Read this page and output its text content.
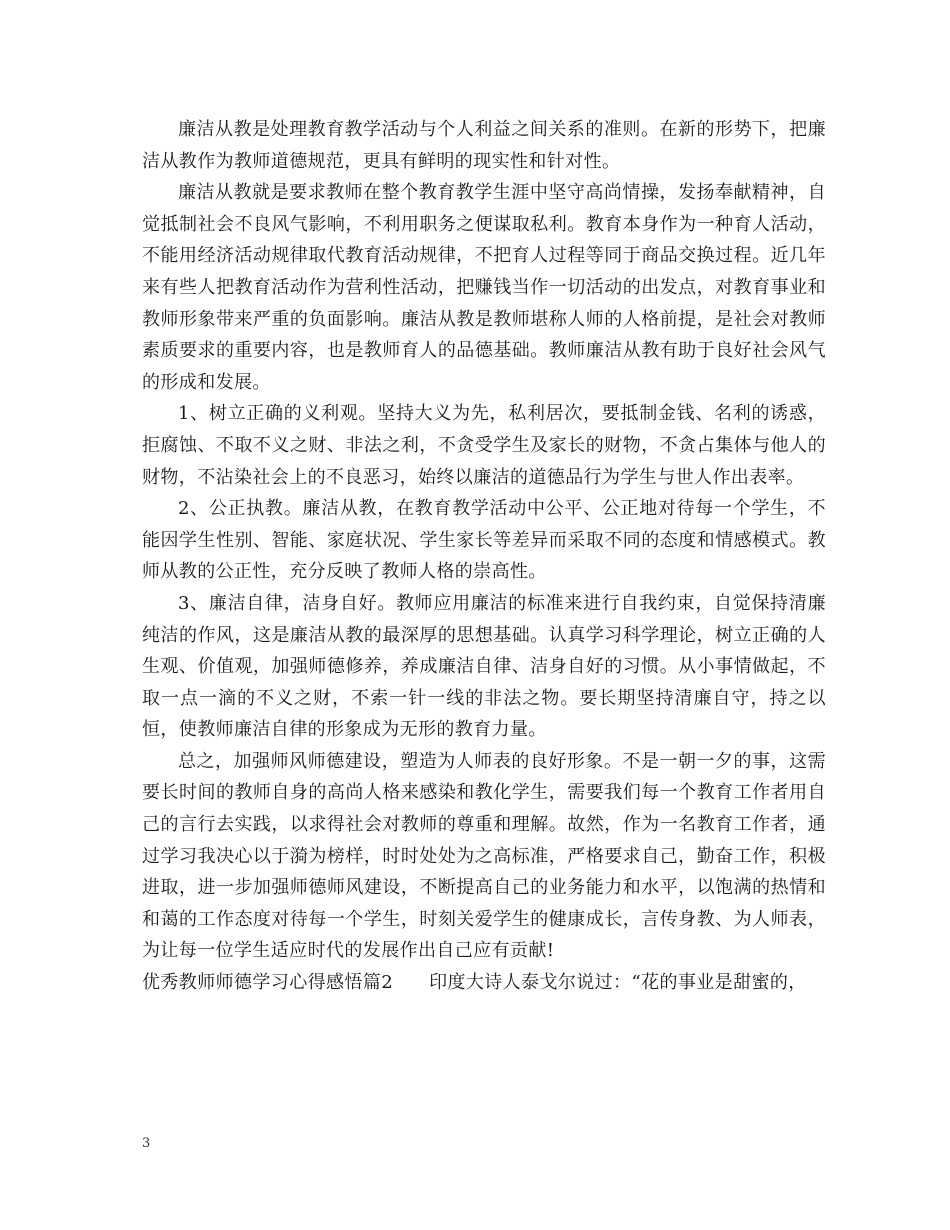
廉洁从教是处理教育教学活动与个人利益之间关系的准则。在新的形势下，把廉洁从教作为教师道德规范，更具有鲜明的现实性和针对性。

廉洁从教就是要求教师在整个教育教学生涯中坚守高尚情操，发扬奉献精神，自觉抵制社会不良风气影响，不利用职务之便谋取私利。教育本身作为一种育人活动，不能用经济活动规律取代教育活动规律，不把育人过程等同于商品交换过程。近几年来有些人把教育活动作为营利性活动，把赚钱当作一切活动的出发点，对教育事业和教师形象带来严重的负面影响。廉洁从教是教师堪称人师的人格前提，是社会对教师素质要求的重要内容，也是教师育人的品德基础。教师廉洁从教有助于良好社会风气的形成和发展。

1、树立正确的义利观。坚持大义为先，私利居次，要抵制金钱、名利的诱惑，拒腐蚀、不取不义之财、非法之利，不贪受学生及家长的财物，不贪占集体与他人的财物，不沾染社会上的不良恶习，始终以廉洁的道德品行为学生与世人作出表率。

2、公正执教。廉洁从教，在教育教学活动中公平、公正地对待每一个学生，不能因学生性别、智能、家庭状况、学生家长等差异而采取不同的态度和情感模式。教师从教的公正性，充分反映了教师人格的崇高性。

3、廉洁自律，洁身自好。教师应用廉洁的标准来进行自我约束，自觉保持清廉纯洁的作风，这是廉洁从教的最深厚的思想基础。认真学习科学理论，树立正确的人生观、价值观，加强师德修养，养成廉洁自律、洁身自好的习惯。从小事情做起，不取一点一滴的不义之财，不索一针一线的非法之物。要长期坚持清廉自守，持之以恒，使教师廉洁自律的形象成为无形的教育力量。

总之，加强师风师德建设，塑造为人师表的良好形象。不是一朝一夕的事，这需要长时间的教师自身的高尚人格来感染和教化学生，需要我们每一个教育工作者用自己的言行去实践，以求得社会对教师的尊重和理解。故然，作为一名教育工作者，通过学习我决心以于漪为榜样，时时处处为之高标准，严格要求自己，勤奋工作，积极进取，进一步加强师德师风建设，不断提高自己的业务能力和水平，以饱满的热情和和蔼的工作态度对待每一个学生，时刻关爱学生的健康成长，言传身教、为人师表，为让每一位学生适应时代的发展作出自己应有贡献!

优秀教师师德学习心得感悟篇2 印度大诗人泰戈尔说过：“花的事业是甜蜜的，

3
